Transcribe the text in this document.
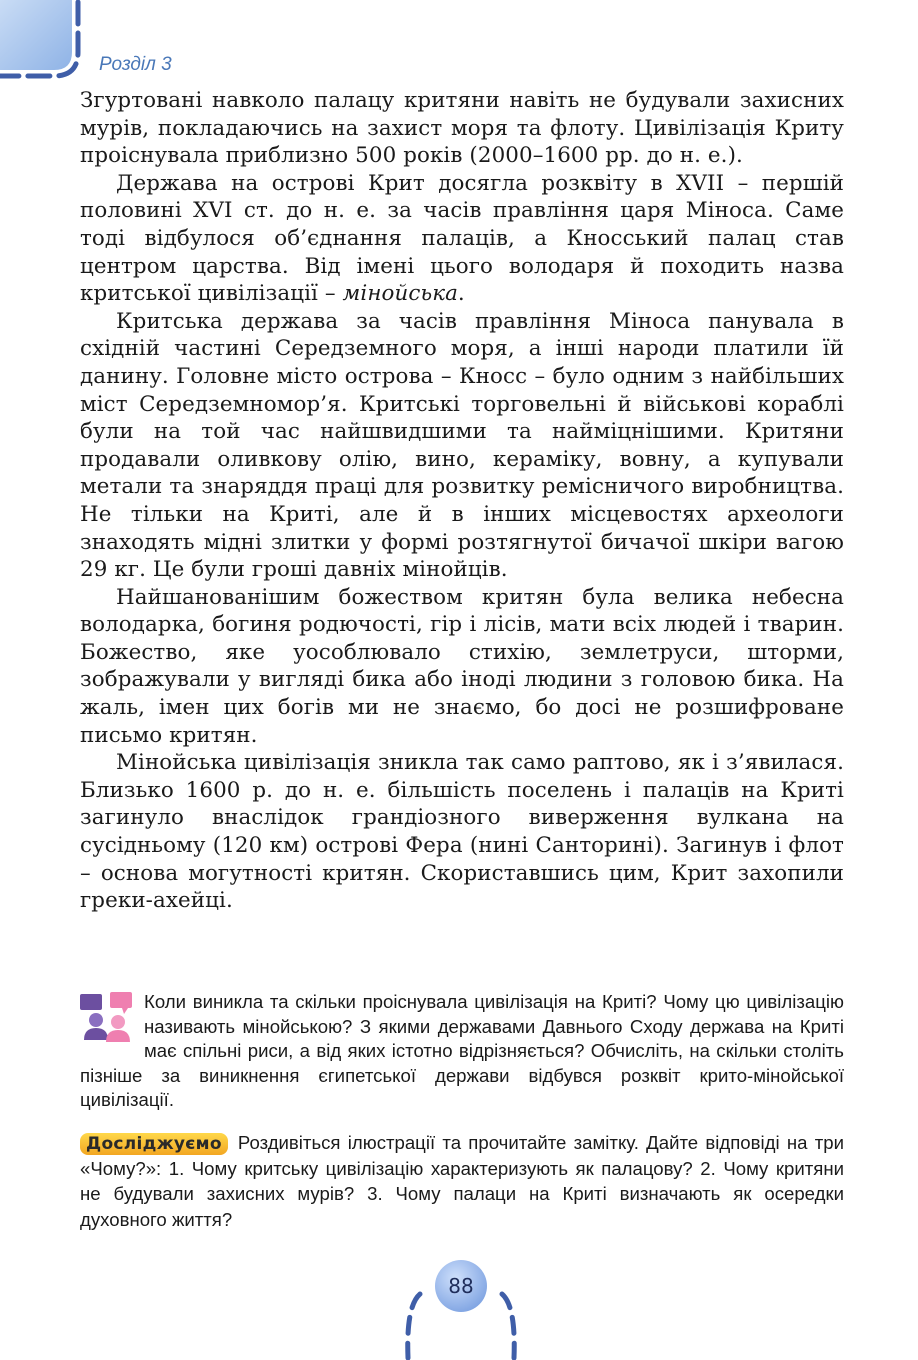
Розділ 3

Згуртовані навколо палацу критяни навіть не будували захисних мурів, покладаючись на захист моря та флоту. Цивілізація Криту проіснувала приблизно 500 років (2000–1600 рр. до н. е.).

Держава на острові Крит досягла розквіту в XVII – першій половині XVI ст. до н. е. за часів правління царя Міноса. Саме тоді відбулося об’єднання палаців, а Кносський палац став центром царства. Від імені цього володаря й походить назва критської цивілізації – мінойська.

Критська держава за часів правління Міноса панувала в східній частині Середземного моря, а інші народи платили їй данину. Головне місто острова – Кносс – було одним з найбільших міст Середземномор’я. Критські торговельні й військові кораблі були на той час найшвидшими та найміцнішими. Критяни продавали оливкову олію, вино, кераміку, вовну, а купували метали та знаряддя праці для розвитку ремісничого виробництва. Не тільки на Криті, але й в інших місцевостях археологи знаходять мідні злитки у формі розтягнутої бичачої шкіри вагою 29 кг. Це були гроші давніх мінойців.

Найшанованішим божеством критян була велика небесна володарка, богиня родючості, гір і лісів, мати всіх людей і тварин. Божество, яке уособлювало стихію, землетруси, шторми, зображували у вигляді бика або іноді людини з головою бика. На жаль, імен цих богів ми не знаємо, бо досі не розшифроване письмо критян.

Мінойська цивілізація зникла так само раптово, як і з’явилася. Близько 1600 р. до н. е. більшість поселень і палаців на Криті загинуло внаслідок грандіозного виверження вулкана на сусідньому (120 км) острові Фера (нині Санторині). Загинув і флот – основа могутності критян. Скориставшись цим, Крит захопили греки-ахейці.

Коли виникла та скільки проіснувала цивілізація на Криті? Чому цю цивілізацію називають мінойською? З якими державами Давнього Сходу держава на Криті має спільні риси, а від яких істотно відрізняється? Обчисліть, на скільки століть пізніше за виникнення єгипетської держави відбувся розквіт крито-мінойської цивілізації.
Досліджуємо Роздивіться ілюстрації та прочитайте замітку. Дайте відповіді на три «Чому?»: 1. Чому критську цивілізацію характеризують як палацову? 2. Чому критяни не будували захисних мурів? 3. Чому палаци на Криті визначають як осередки духовного життя?
88
